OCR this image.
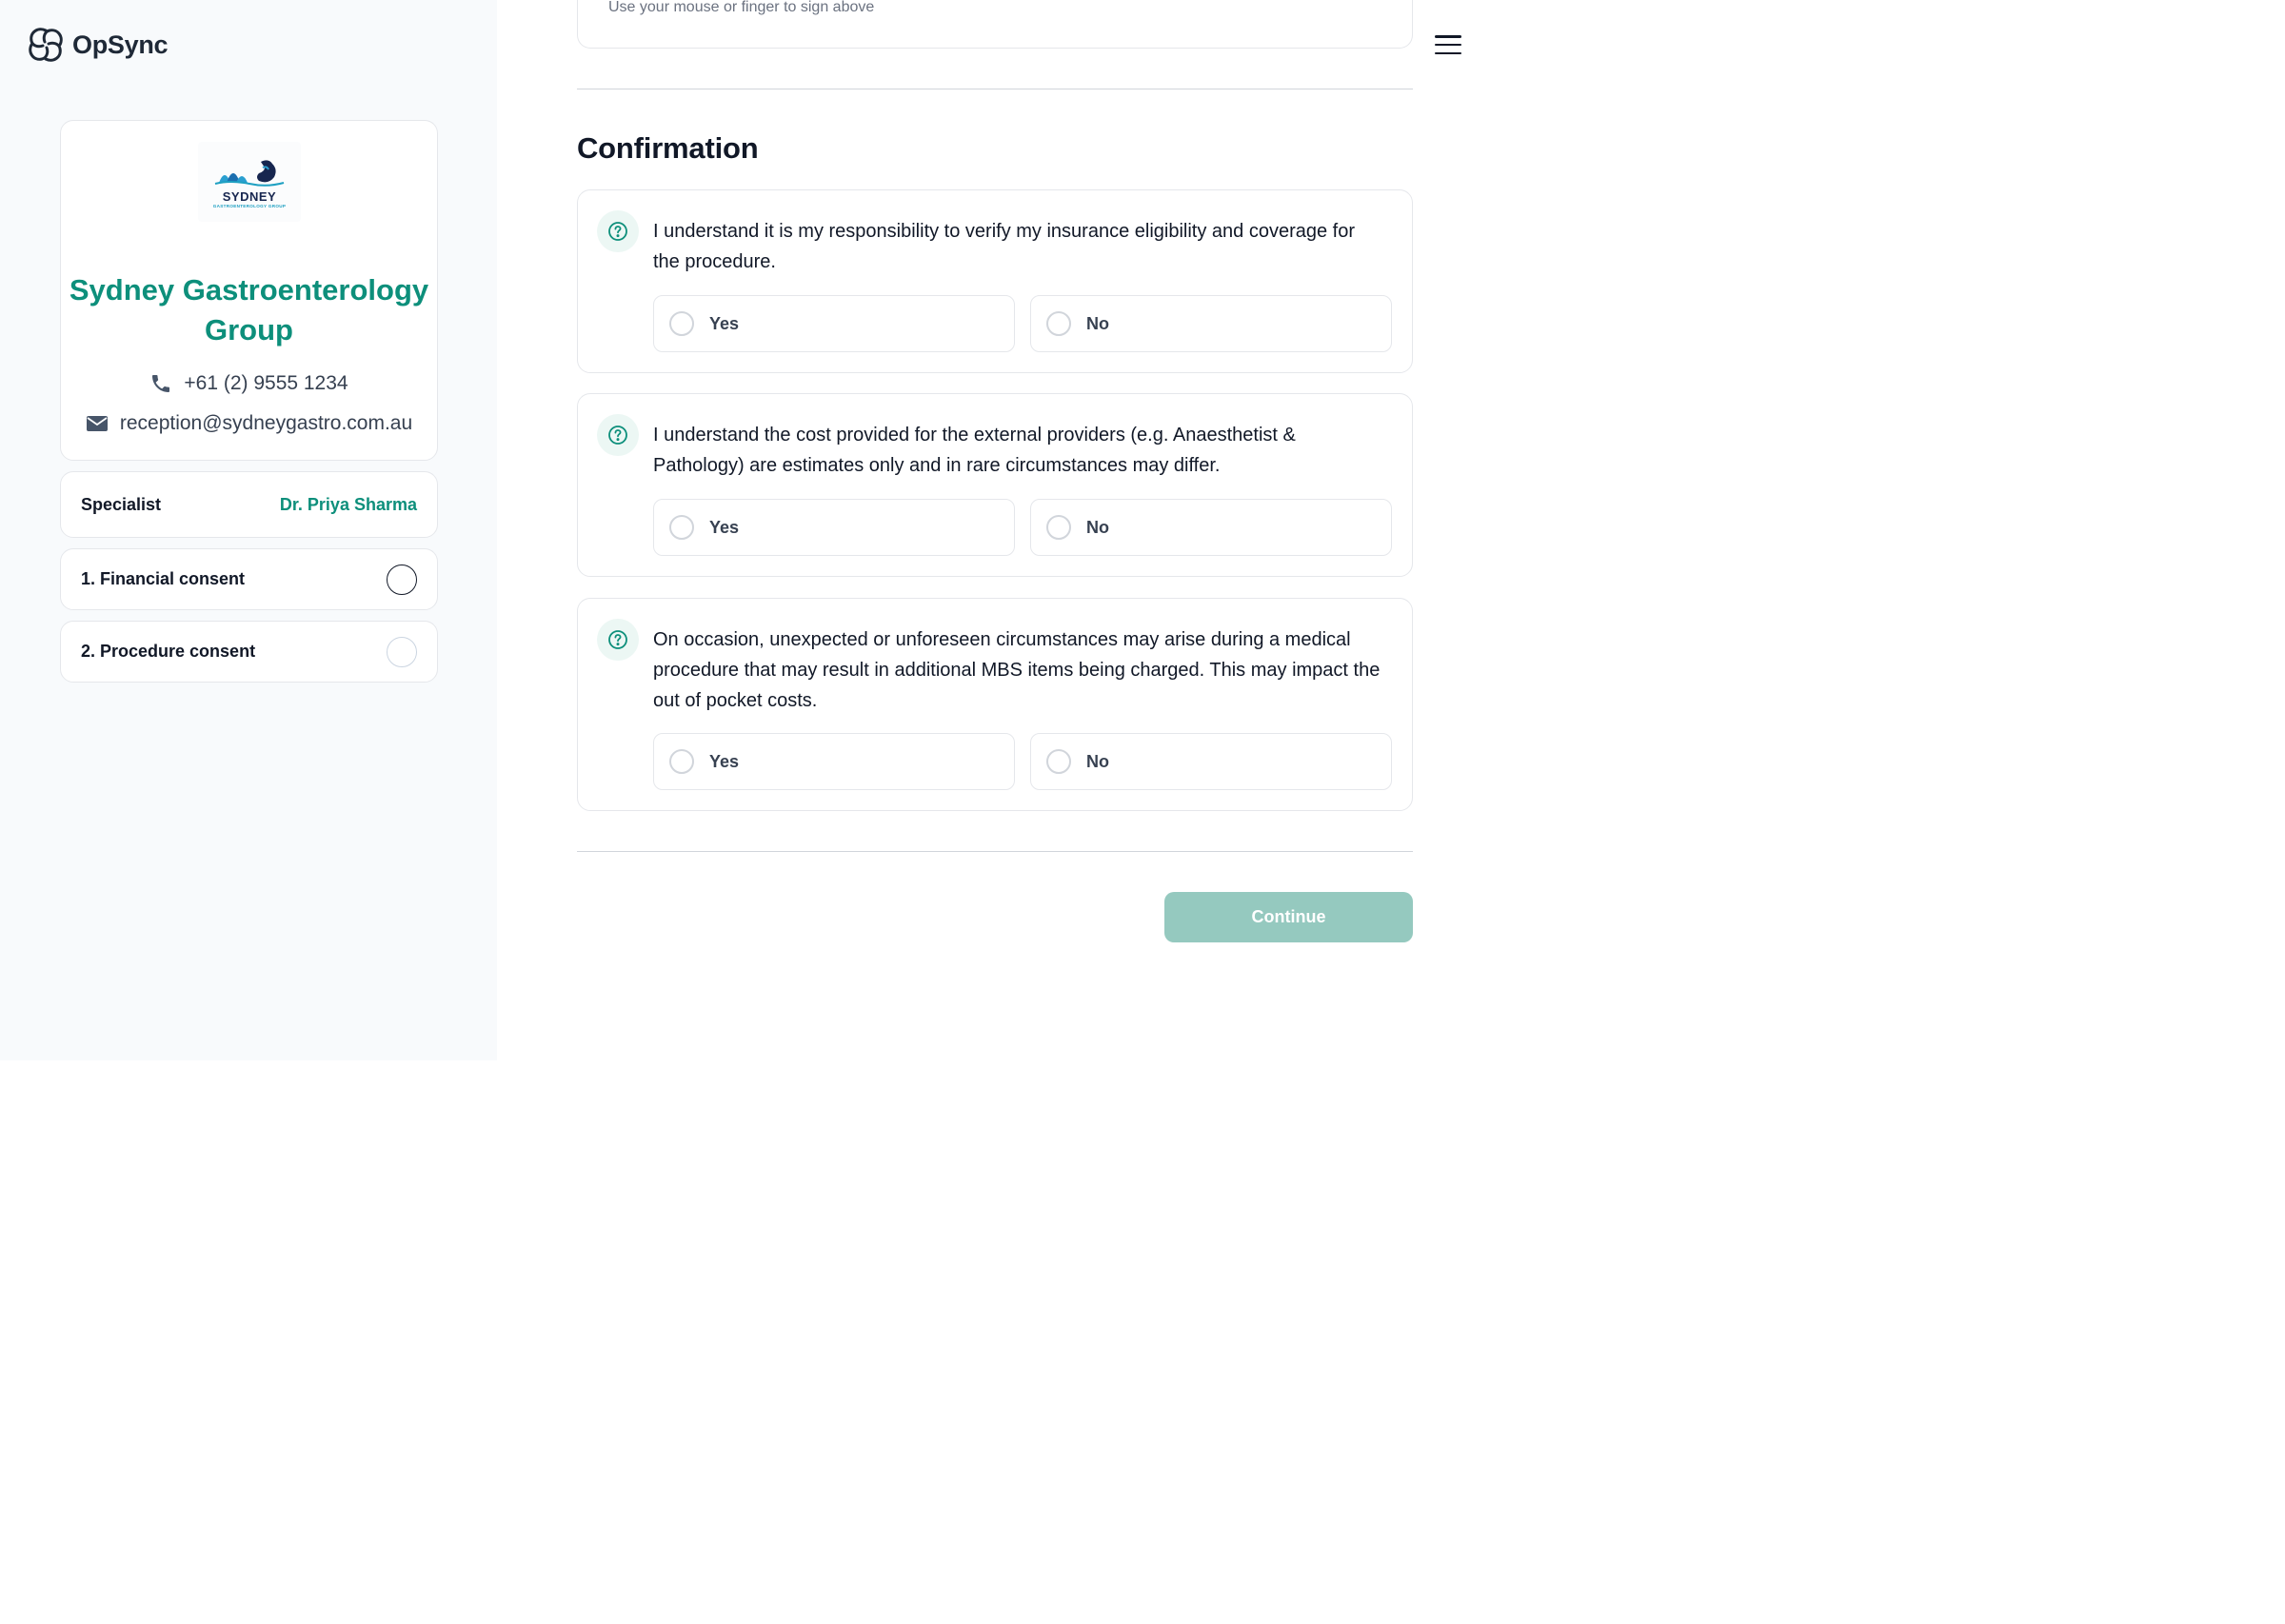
OpSync
SYDNEY
GASTROENTEROLOGY GROUP
Sydney Gastroenterology Group
+61 (2) 9555 1234
reception@sydneygastro.com.au
Specialist	Dr. Priya Sharma
1. Financial consent
2. Procedure consent
Use your mouse or finger to sign above
Confirmation

I understand it is my responsibility to verify my insurance eligibility and coverage for the procedure.

Yes	No

I understand the cost provided for the external providers (e.g. Anaesthetist & Pathology) are estimates only and in rare circumstances may differ.

Yes	No

On occasion, unexpected or unforeseen circumstances may arise during a medical procedure that may result in additional MBS items being charged. This may impact the out of pocket costs.

Yes	No
Continue
